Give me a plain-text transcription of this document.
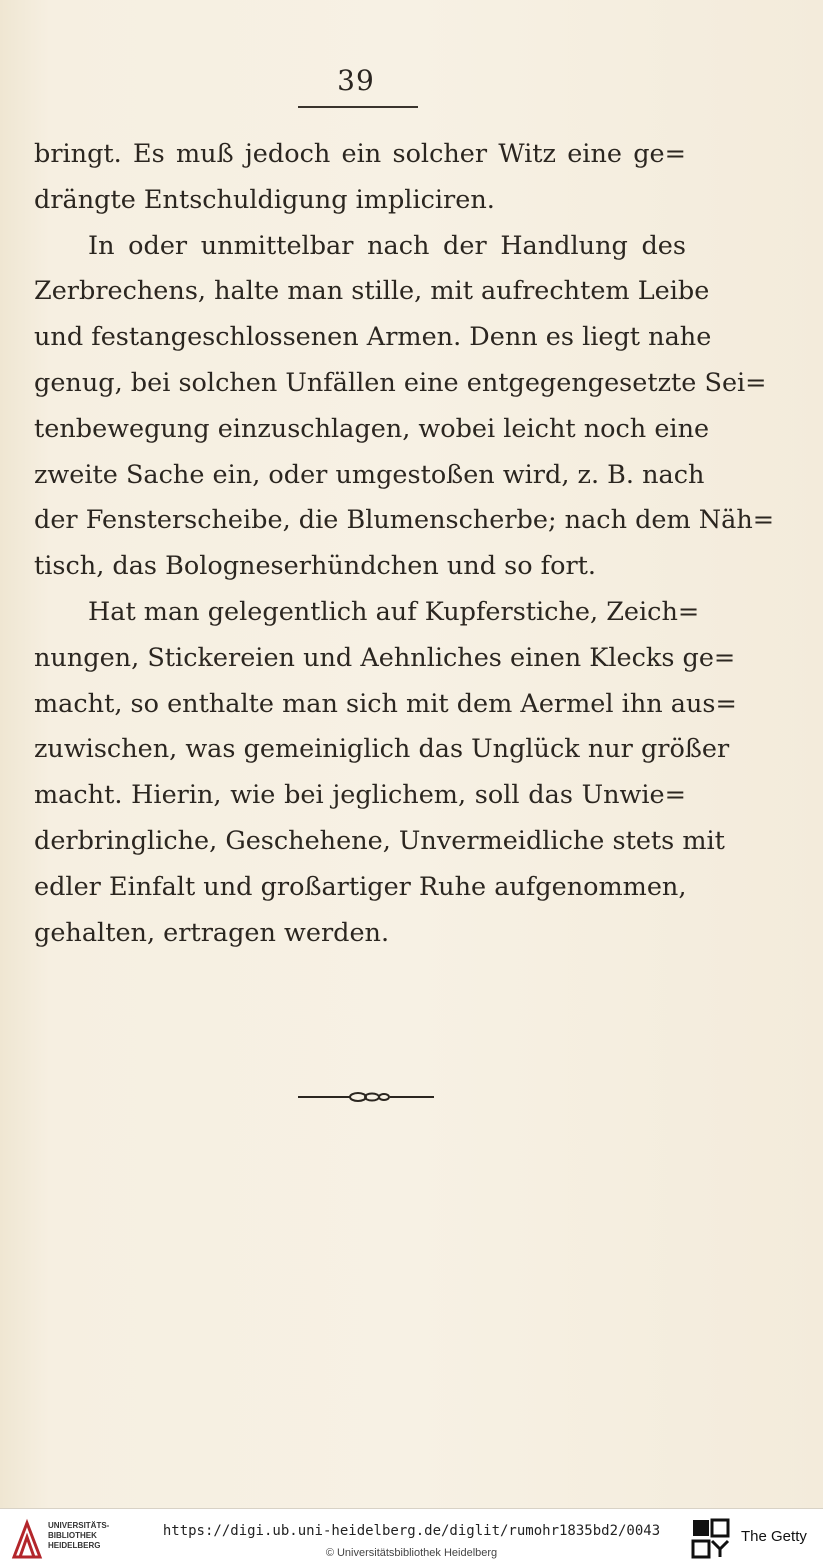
39
bringt. Es muß jedoch ein solcher Witz eine ge=
drängte Entschuldigung impliciren.
In oder unmittelbar nach der Handlung des
Zerbrechens, halte man stille, mit aufrechtem Leibe
und festangeschlossenen Armen. Denn es liegt nahe
genug, bei solchen Unfällen eine entgegengesetzte Sei=
tenbewegung einzuschlagen, wobei leicht noch eine
zweite Sache ein, oder umgestoßen wird, z. B. nach
der Fensterscheibe, die Blumenscherbe; nach dem Näh=
tisch, das Bologneserhündchen und so fort.
Hat man gelegentlich auf Kupferstiche, Zeich=
nungen, Stickereien und Aehnliches einen Klecks ge=
macht, so enthalte man sich mit dem Aermel ihn aus=
zuwischen, was gemeiniglich das Unglück nur größer
macht. Hierin, wie bei jeglichem, soll das Unwie=
derbringliche, Geschehene, Unvermeidliche stets mit
edler Einfalt und großartiger Ruhe aufgenommen,
gehalten, ertragen werden.
UNIVERSITÄTS-
BIBLIOTHEK
HEIDELBERG
https://digi.ub.uni-heidelberg.de/diglit/rumohr1835bd2/0043
© Universitätsbibliothek Heidelberg
The Getty
